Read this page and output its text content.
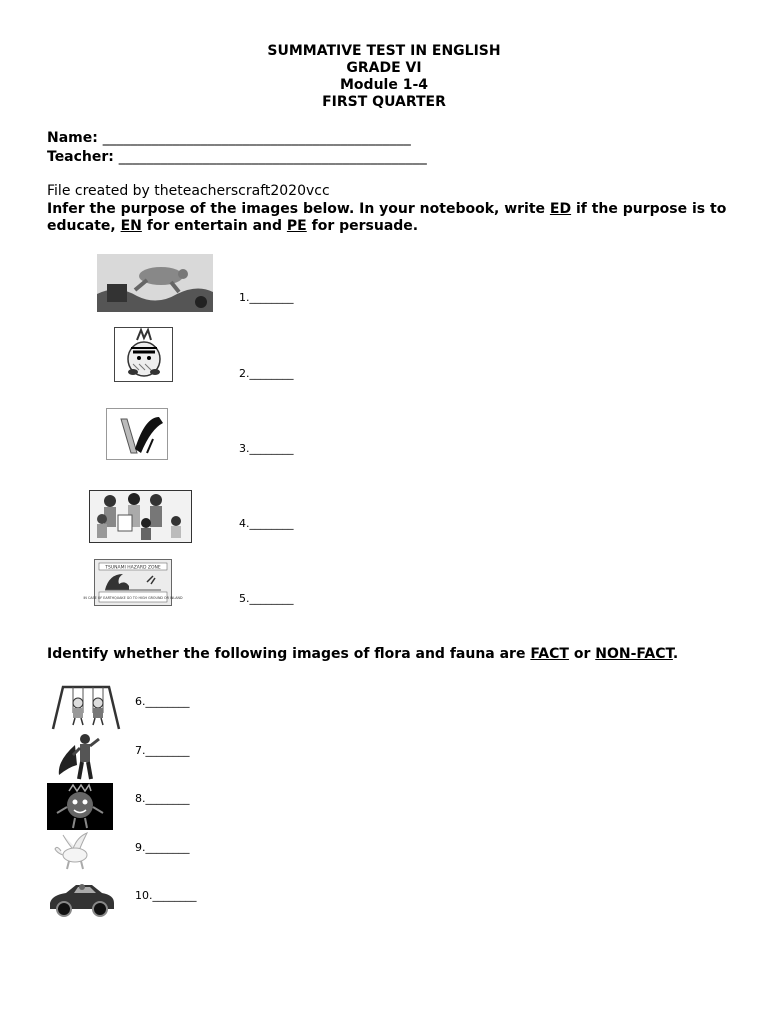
SUMMATIVE TEST IN ENGLISH
GRADE VI
Module 1-4
FIRST QUARTER
Name: ____________________________________________
Teacher: ____________________________________________
File created by theteacherscraft2020vcc
Infer the purpose of the images below. In your notebook, write ED if the purpose is to educate, EN for entertain and PE for persuade.
1.________
2.________
3.________
4.________
TSUNAMI HAZARD ZONE
IN CASE OF EARTHQUAKE GO TO HIGH GROUND OR INLAND	5.________
Identify whether the following images of flora and fauna are FACT or NON-FACT.
6.________
7.________
8.________
9.________
10.________
